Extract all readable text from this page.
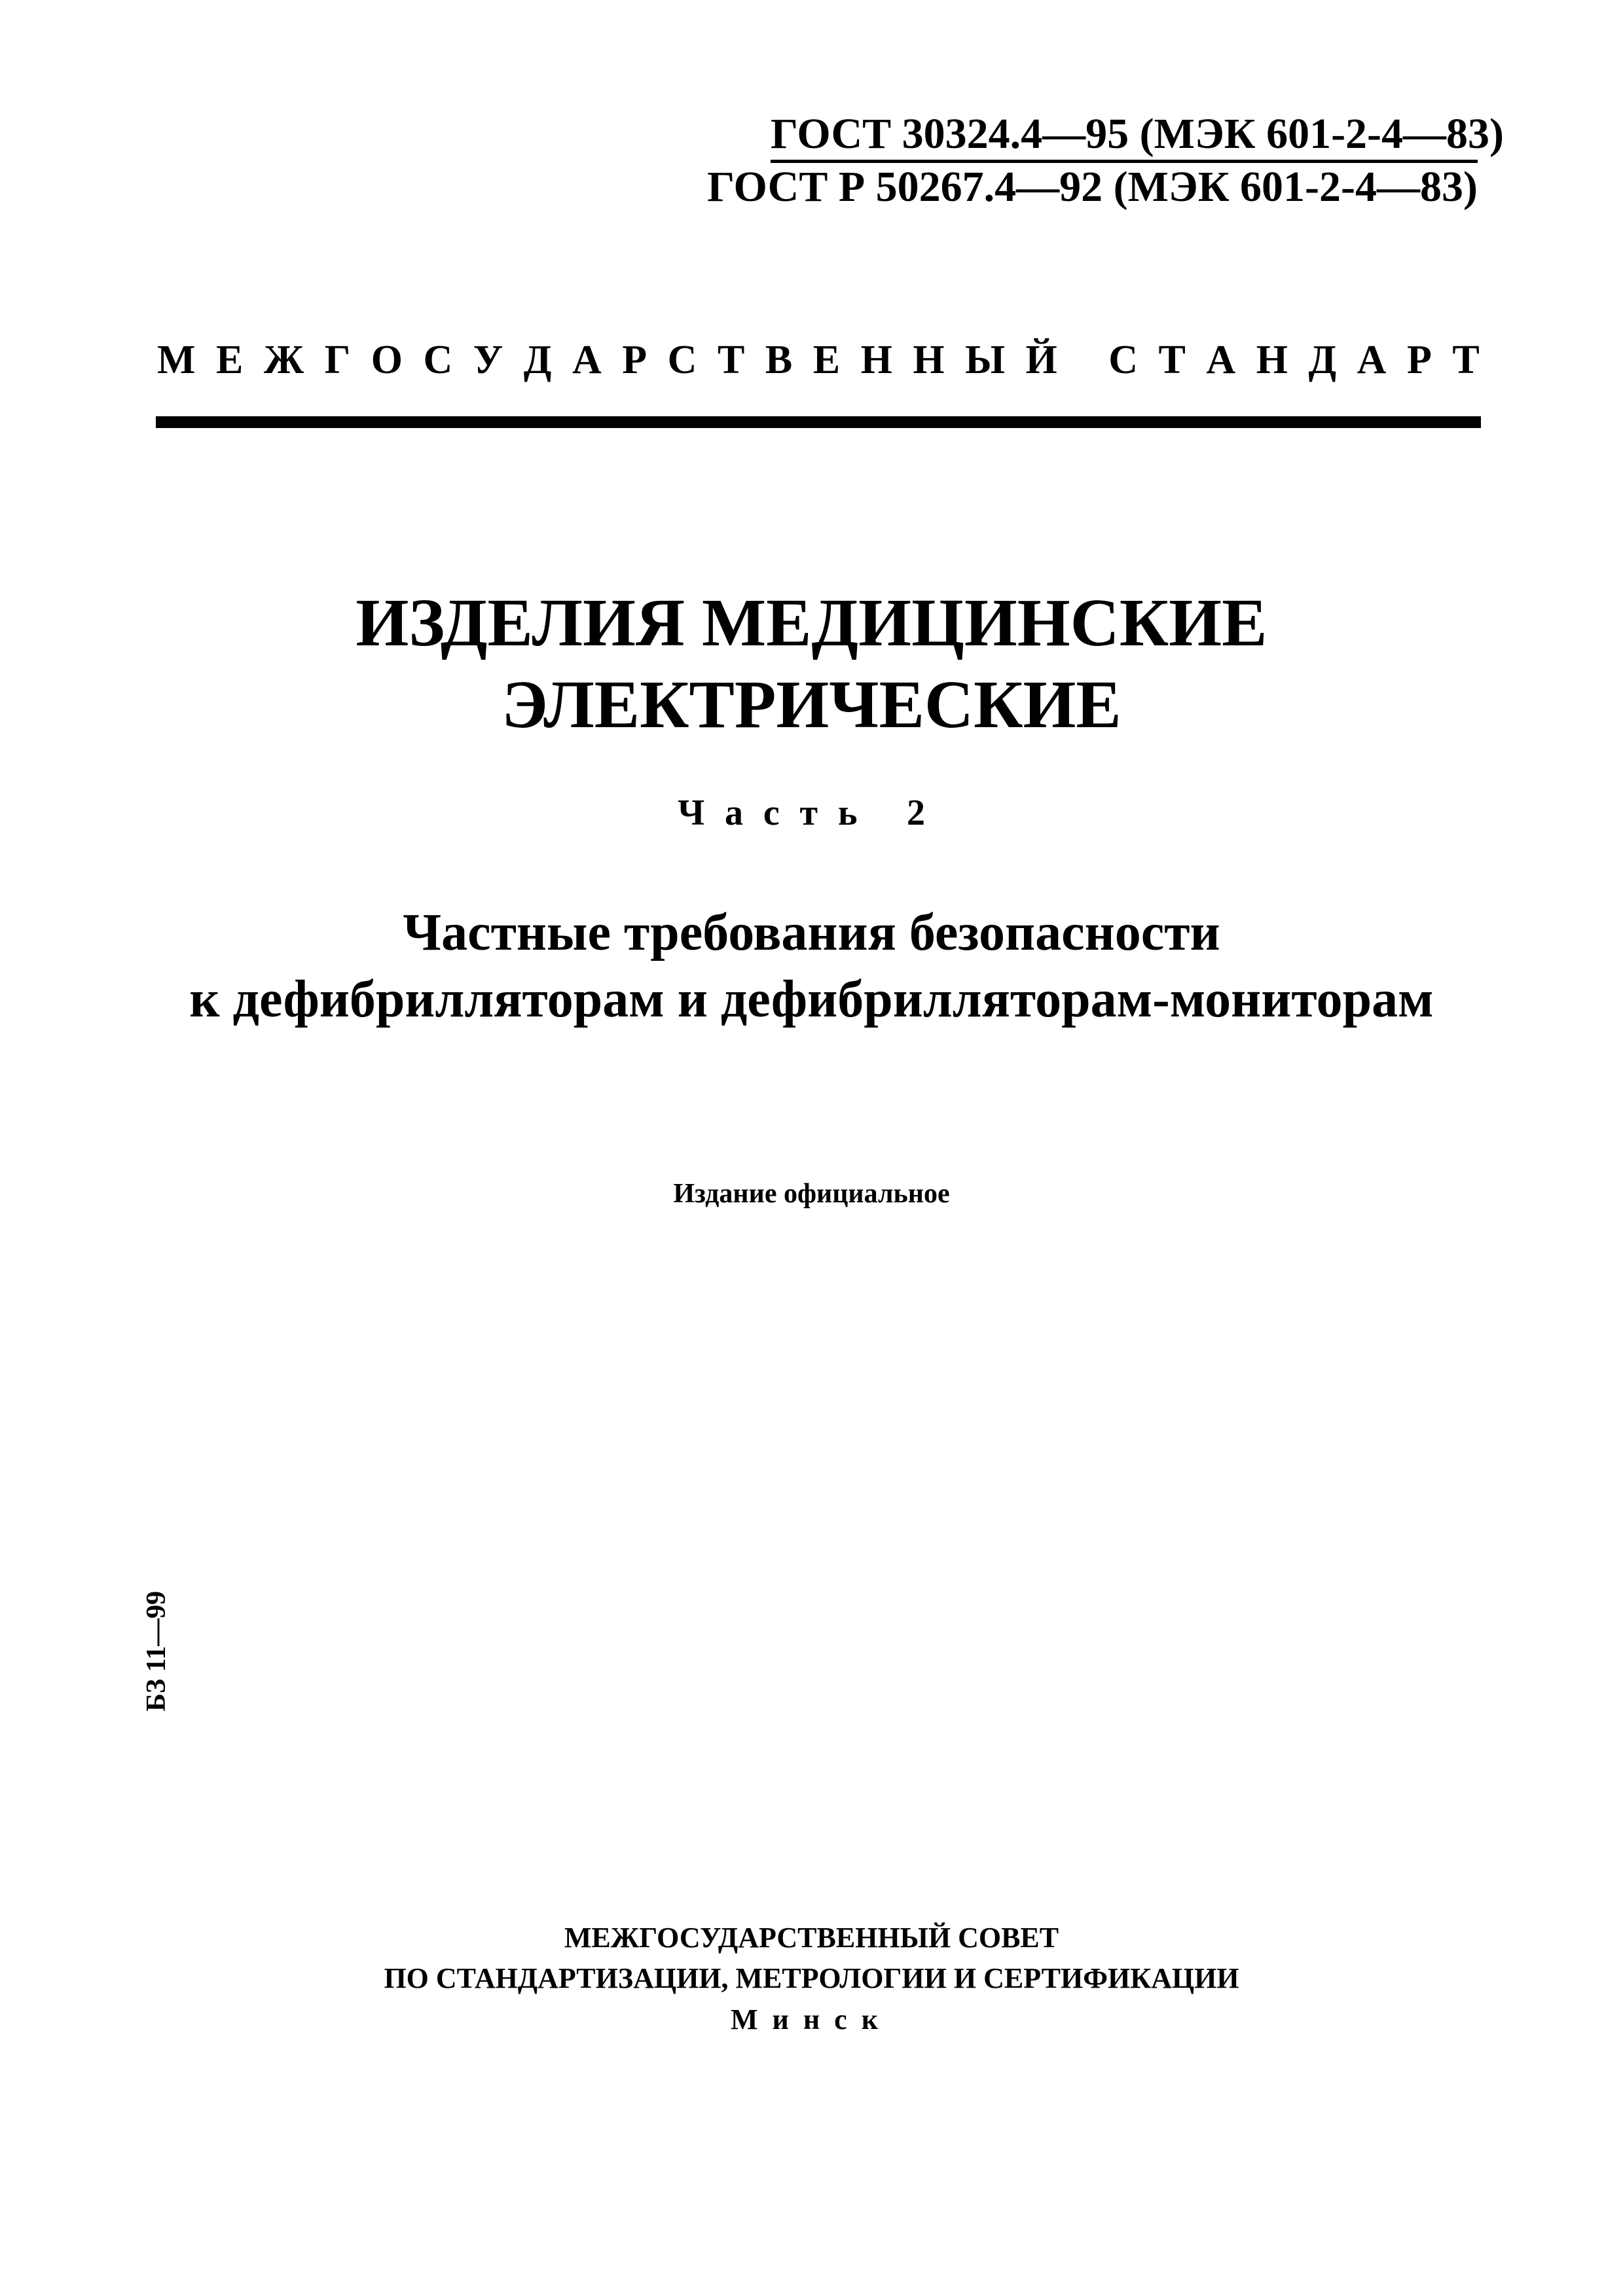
ГОСТ 30324.4—95 (МЭК 601-2-4—83)
ГОСТ Р 50267.4—92 (МЭК 601-2-4—83)
М Е Ж Г О С У Д А Р С Т В Е Н Н Ы Й
С Т А Н Д А Р Т
ИЗДЕЛИЯ МЕДИЦИНСКИЕ
ЭЛЕКТРИЧЕСКИЕ
Часть 2
Частные требования безопасности
к дефибрилляторам и дефибрилляторам-мониторам
Издание официальное
БЗ 11—99
МЕЖГОСУДАРСТВЕННЫЙ СОВЕТ
ПО СТАНДАРТИЗАЦИИ, МЕТРОЛОГИИ И СЕРТИФИКАЦИИ
Минск
